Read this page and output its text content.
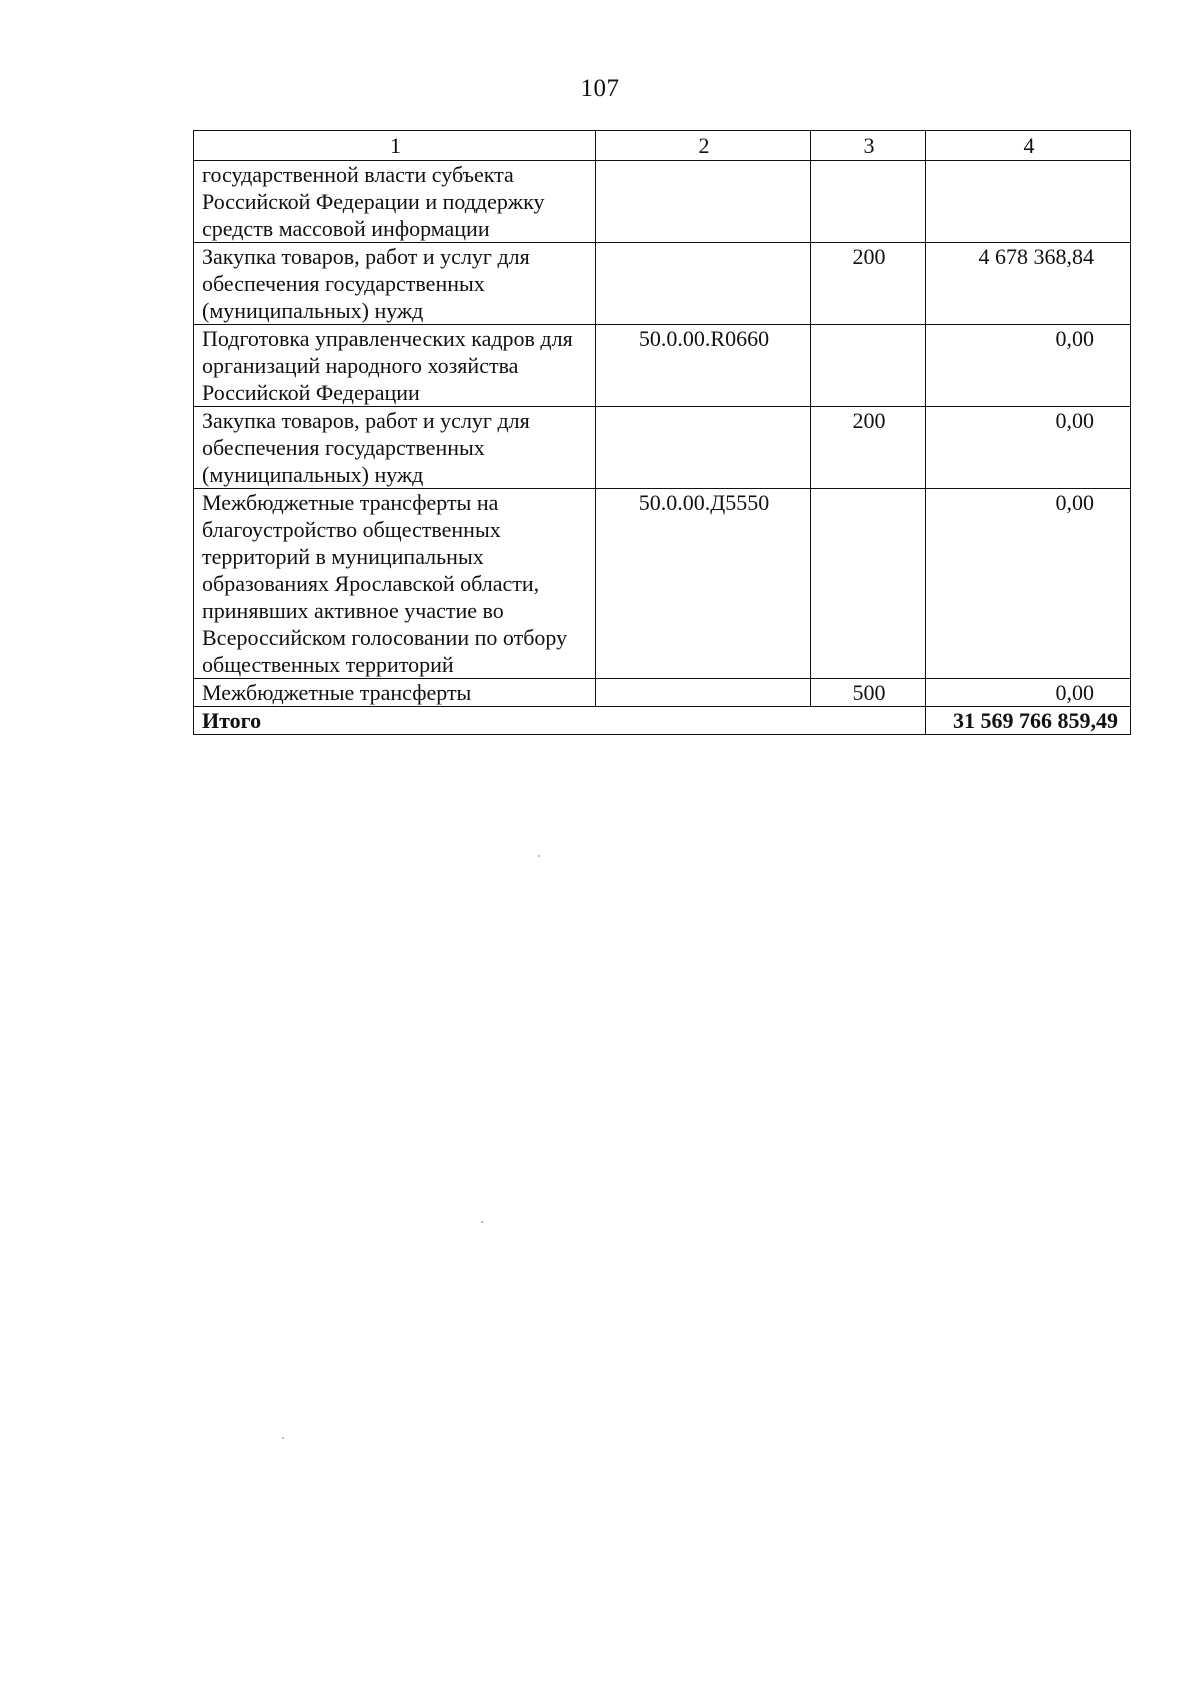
107
1	2	3	4
государственной власти субъекта Российской Федерации и поддержку средств массовой информации			
Закупка товаров, работ и услуг для обеспечения государственных (муниципальных) нужд		200	4 678 368,84
Подготовка управленческих кадров для организаций народного хозяйства Российской Федерации	50.0.00.R0660		0,00
Закупка товаров, работ и услуг для обеспечения государственных (муниципальных) нужд		200	0,00
Межбюджетные трансферты на благоустройство общественных территорий в муниципальных образованиях Ярославской области, принявших активное участие во Всероссийском голосовании по отбору общественных территорий	50.0.00.Д5550		0,00
Межбюджетные трансферты		500	0,00
Итого			31 569 766 859,49
